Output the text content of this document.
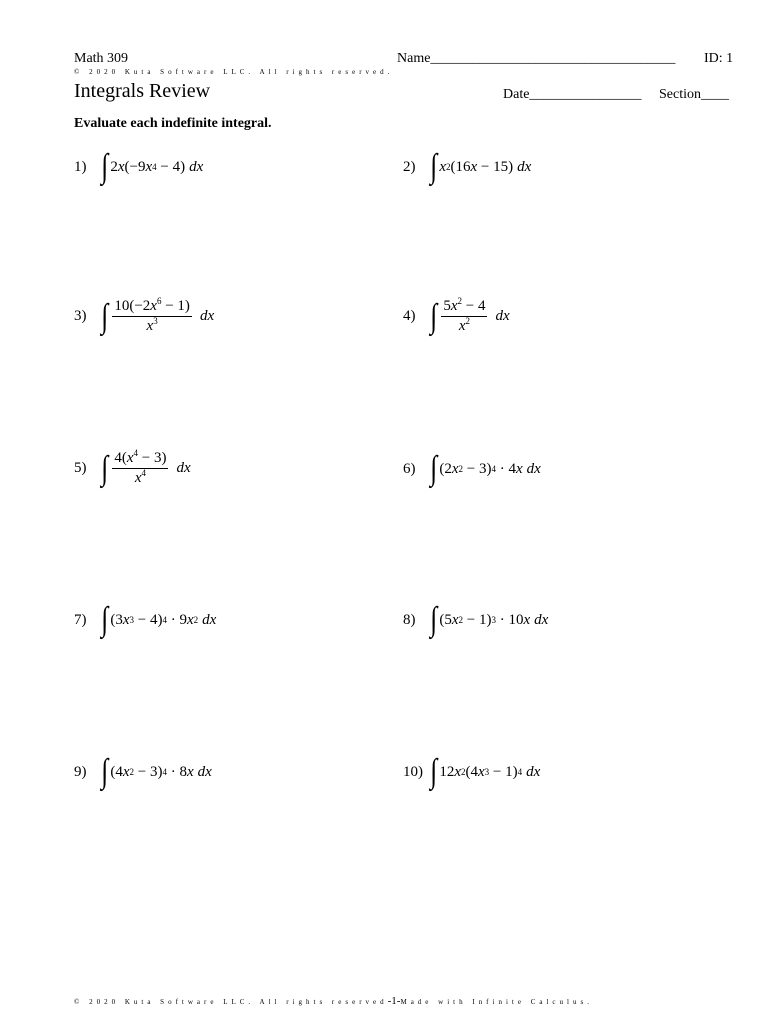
Math 309	Name___________________________________ ID: 1
© 2020 Kuta Software LLC. All rights reserved.
Integrals Review	Date________________ Section____
Evaluate each indefinite integral.
1) ∫ 2 x (−9 x 4 − 4) dx	2) ∫ x 2 (16 x − 15) dx
3) ∫ $\frac{10(-2x^6 - 1)}{x^3}$ dx	4) ∫ $\frac{5x^2 - 4}{x^2}$ dx
5) ∫ $\frac{4(x^4 - 3)}{x^4}$ dx	6) ∫ (2 x 2 − 3) 4 · 4 x dx
7) ∫ (3 x 3 − 4) 4 · 9 x 2 dx	8) ∫ (5 x 2 − 1) 3 · 10 x dx
9) ∫ (4 x 2 − 3) 4 · 8 x dx	10) ∫ 12 x 2 (4 x 3 − 1) 4 dx
© 2020 Kuta Software LLC. All rights reserved-1-Made with Infinite Calculus.
